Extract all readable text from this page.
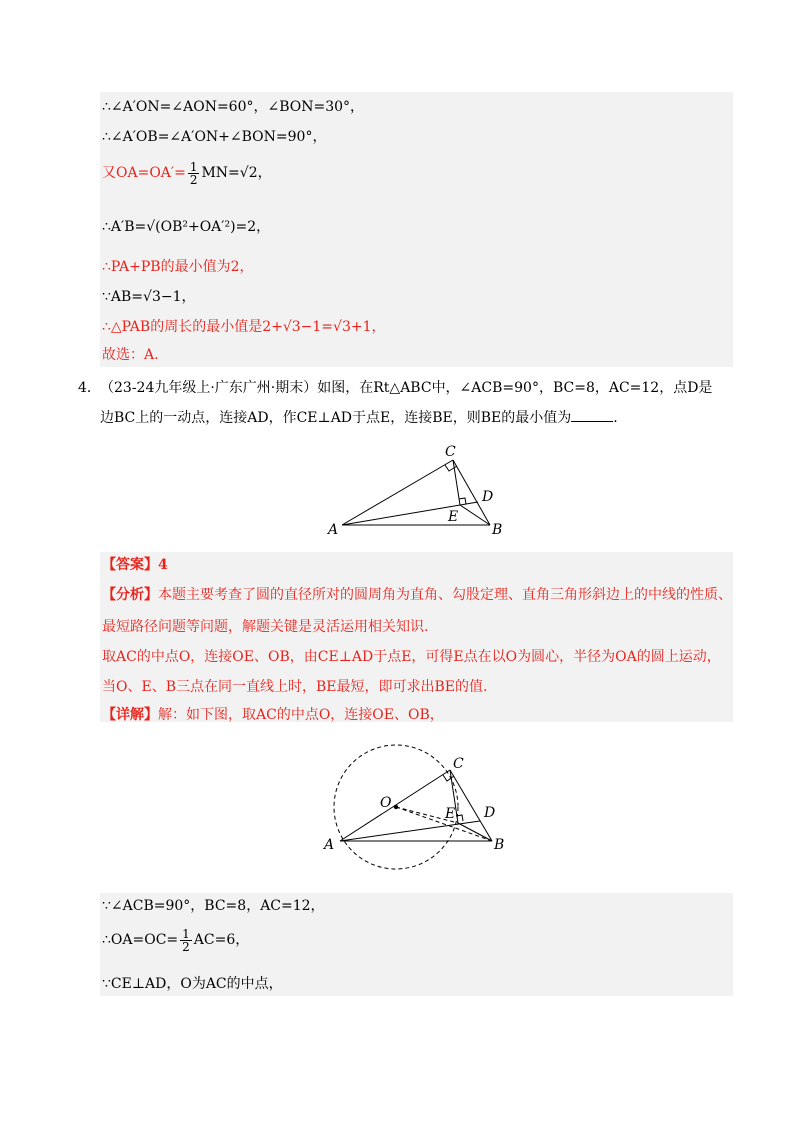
∴∠A′ON=∠AON=60°，∠BON=30°，
∴∠A′OB=∠A′ON+∠BON=90°，
又$OA=OA'= \frac{1}{2} MN=√2$，
∴A′B=√(OB²+OA′²)=2，
∴PA+PB的最小值为2，
∵AB=√3−1，
∴△PAB的周长的最小值是2+√3−1=√3+1，
故选：A.
4． （23-24九年级上·广东广州·期末）如图，在Rt△ABC中，∠ACB=90°，BC=8，AC=12，点D是
边BC上的一动点，连接AD，作CE⊥AD于点E，连接BE，则BE的最小值为	.
C
D
E
A	B
【答案】4
【分析】本题主要考查了圆的直径所对的圆周角为直角、勾股定理、直角三角形斜边上的中线的性质、
最短路径问题等问题，解题关键是灵活运用相关知识.
取AC的中点O，连接OE、OB，由CE⊥AD于点E，可得E点在以O为圆心，半径为OA的圆上运动，
当O、E、B三点在同一直线上时，BE最短，即可求出BE的值.
【详解】解：如下图，取AC的中点O，连接OE、OB，
C
O
E D
A	B
∵∠ACB=90°，BC=8，AC=12，
∴OA=OC= $\frac{1}{2} AC=6$，
∵CE⊥AD，O为AC的中点，
